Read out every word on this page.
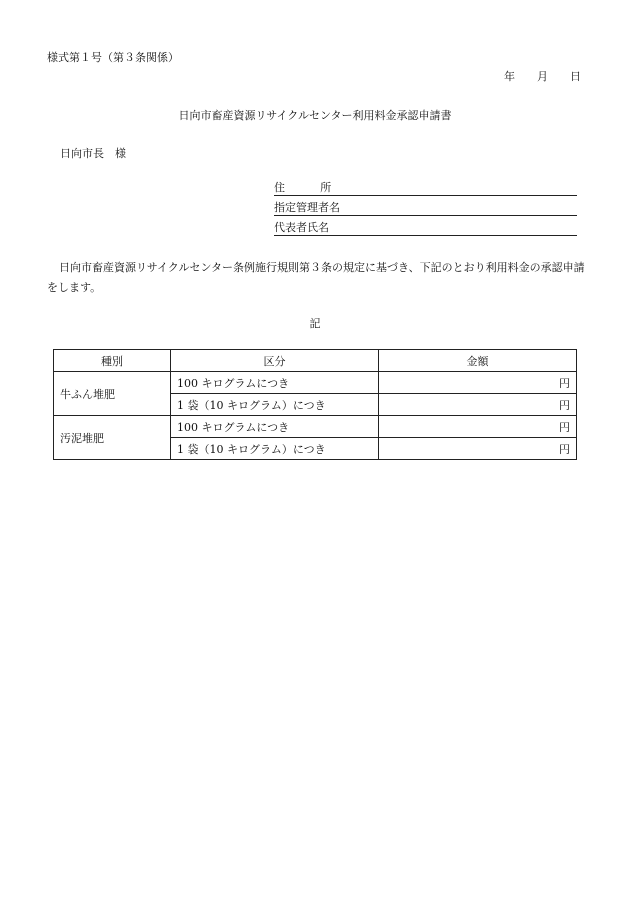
様式第１号（第３条関係）
年 月 日
日向市畜産資源リサイクルセンター利用料金承認申請書
日向市長　様
住所
指定管理者名
代表者氏名
日向市畜産資源リサイクルセンター条例施行規則第３条の規定に基づき、下記のとおり利用料金の承認申請をします。
記
種別	区分	金額
牛ふん堆肥	100 キログラムにつき	円
	1 袋（10 キログラム）につき	円
汚泥堆肥	100 キログラムにつき	円
	1 袋（10 キログラム）につき	円
